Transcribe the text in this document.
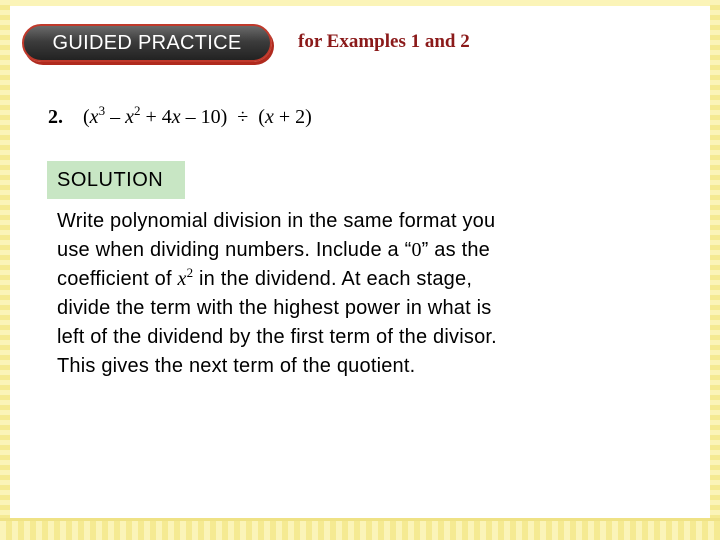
GUIDED PRACTICE	for Examples 1 and 2
2. $(x^3 - x^2 + 4x - 10) \div (x + 2)$
SOLUTION
Write polynomial division in the same format you
use when dividing numbers. Include a “0” as the
coefficient of $x^2$ in the dividend. At each stage,
divide the term with the highest power in what is
left of the dividend by the first term of the divisor.
This gives the next term of the quotient.
